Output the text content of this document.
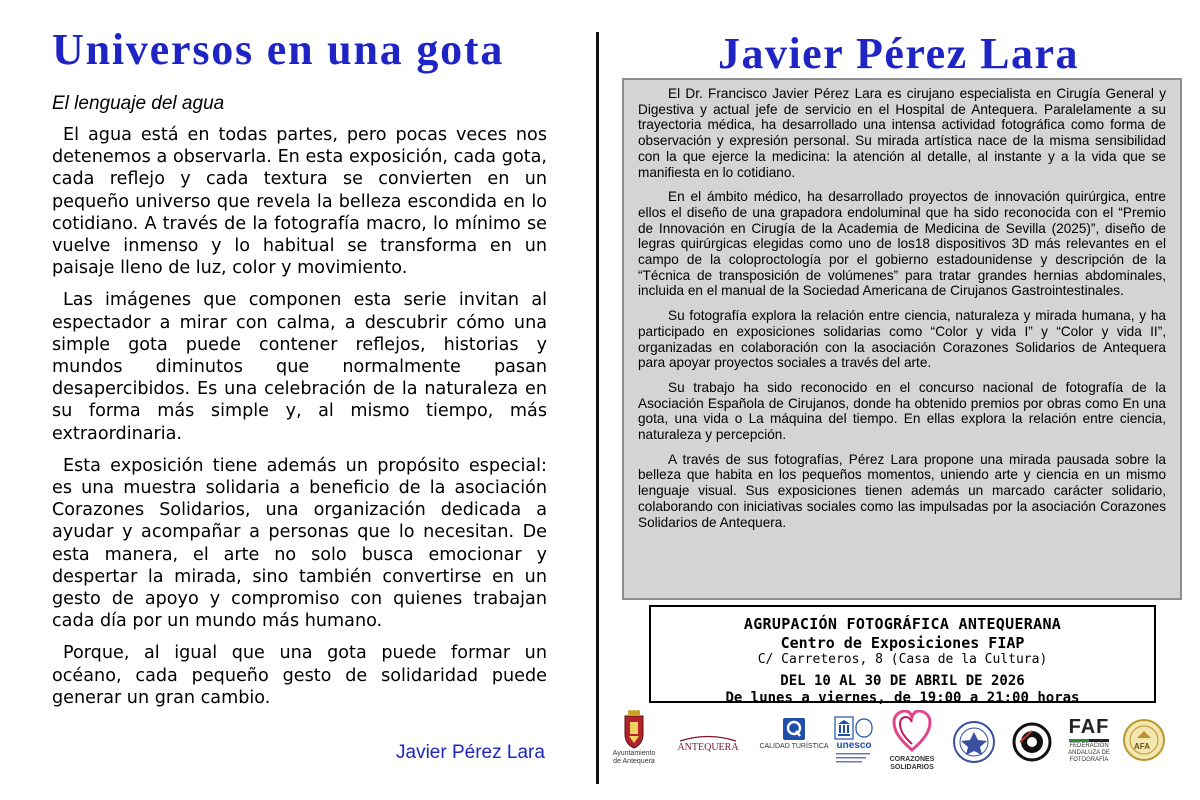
Universos en una gota
El lenguaje del agua

El agua está en todas partes, pero pocas veces nos detenemos a observarla. En esta exposición, cada gota, cada reflejo y cada textura se convierten en un pequeño universo que revela la belleza escondida en lo cotidiano. A través de la fotografía macro, lo mínimo se vuelve inmenso y lo habitual se transforma en un paisaje lleno de luz, color y movimiento.

Las imágenes que componen esta serie invitan al espectador a mirar con calma, a descubrir cómo una simple gota puede contener reflejos, historias y mundos diminutos que normalmente pasan desapercibidos. Es una celebración de la naturaleza en su forma más simple y, al mismo tiempo, más extraordinaria.

Esta exposición tiene además un propósito especial: es una muestra solidaria a beneficio de la asociación Corazones Solidarios, una organización dedicada a ayudar y acompañar a personas que lo necesitan. De esta manera, el arte no solo busca emocionar y despertar la mirada, sino también convertirse en un gesto de apoyo y compromiso con quienes trabajan cada día por un mundo más humano.

Porque, al igual que una gota puede formar un océano, cada pequeño gesto de solidaridad puede generar un gran cambio.

Javier Pérez Lara
Javier Pérez Lara

El Dr. Francisco Javier Pérez Lara es cirujano especialista en Cirugía General y Digestiva y actual jefe de servicio en el Hospital de Antequera. Paralelamente a su trayectoria médica, ha desarrollado una intensa actividad fotográfica como forma de observación y expresión personal. Su mirada artística nace de la misma sensibilidad con la que ejerce la medicina: la atención al detalle, al instante y a la vida que se manifiesta en lo cotidiano.

En el ámbito médico, ha desarrollado proyectos de innovación quirúrgica, entre ellos el diseño de una grapadora endoluminal que ha sido reconocida con el “Premio de Innovación en Cirugía de la Academia de Medicina de Sevilla (2025)”, diseño de legras quirúrgicas elegidas como uno de los18 dispositivos 3D más relevantes en el campo de la coloproctología por el gobierno estadounidense y descripción de la “Técnica de transposición de volúmenes” para tratar grandes hernias abdominales, incluida en el manual de la Sociedad Americana de Cirujanos Gastrointestinales.

Su fotografía explora la relación entre ciencia, naturaleza y mirada humana, y ha participado en exposiciones solidarias como “Color y vida I” y “Color y vida II”, organizadas en colaboración con la asociación Corazones Solidarios de Antequera para apoyar proyectos sociales a través del arte.

Su trabajo ha sido reconocido en el concurso nacional de fotografía de la Asociación Española de Cirujanos, donde ha obtenido premios por obras como En una gota, una vida o La máquina del tiempo. En ellas explora la relación entre ciencia, naturaleza y percepción.

A través de sus fotografías, Pérez Lara propone una mirada pausada sobre la belleza que habita en los pequeños momentos, uniendo arte y ciencia en un mismo lenguaje visual. Sus exposiciones tienen además un marcado carácter solidario, colaborando con iniciativas sociales como las impulsadas por la asociación Corazones Solidarios de Antequera.

AGRUPACIÓN FOTOGRÁFICA ANTEQUERANA
Centro de Exposiciones FIAP
C/ Carreteros, 8 (Casa de la Cultura)
DEL 10 AL 30 DE ABRIL DE 2026
De lunes a viernes, de 19:00 a 21:00 horas
Ayuntamiento
de Antequera
ANTEQUERA	CALIDAD TURÍSTICA unesco
CORAZONES
SOLIDARIOS
FAF
FEDERACIÓN
ANDALUZA DE
FOTOGRAFÍA
AFA
